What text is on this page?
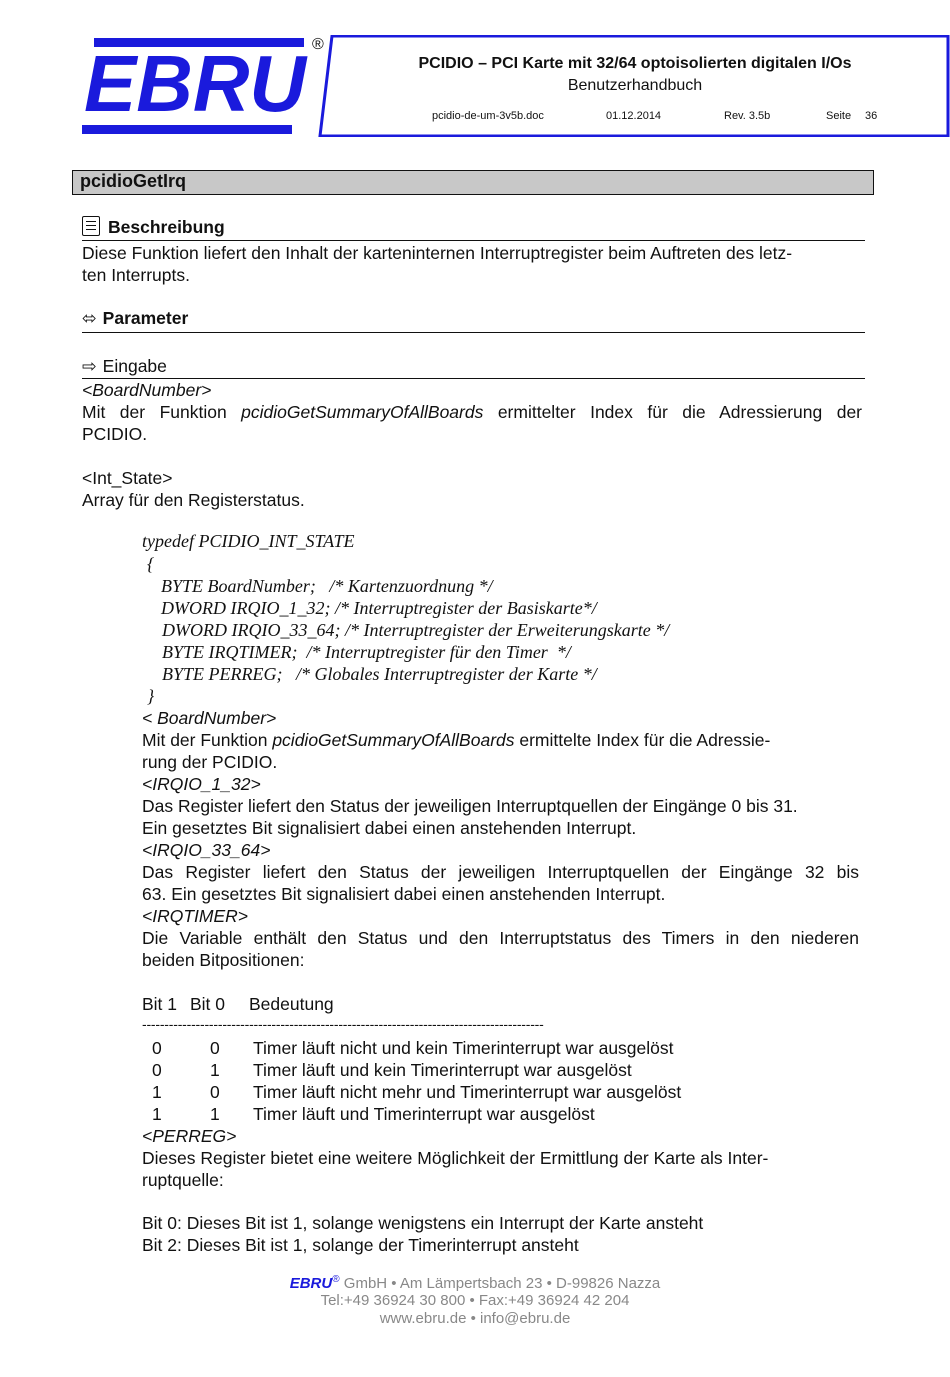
EBRU ®
PCIDIO – PCI Karte mit 32/64 optoisolierten digitalen I/Os
Benutzerhandbuch
pcidio-de-um-3v5b.doc	01.12.2014	Rev. 3.5b	Seite 36
pcidioGetIrq
Beschreibung
Diese Funktion liefert den Inhalt der karteninternen Interruptregister beim Auftreten des letz-
ten Interrupts.
⬄ Parameter
⇨ Eingabe
<BoardNumber>
Mit der Funktion pcidioGetSummaryOfAllBoards ermittelter Index für die Adressierung der
PCIDIO.
<Int_State>
Array für den Registerstatus.
typedef PCIDIO_INT_STATE
{
BYTE BoardNumber;   /* Kartenzuordnung */
DWORD IRQIO_1_32; /* Interruptregister der Basiskarte*/
DWORD IRQIO_33_64; /* Interruptregister der Erweiterungskarte */
BYTE IRQTIMER;  /* Interruptregister für den Timer  */
BYTE PERREG;   /* Globales Interruptregister der Karte */
}
< BoardNumber>
Mit der Funktion pcidioGetSummaryOfAllBoards ermittelte Index für die Adressie-
rung der PCIDIO.
<IRQIO_1_32>
Das Register liefert den Status der jeweiligen Interruptquellen der Eingänge 0 bis 31.
Ein gesetztes Bit signalisiert dabei einen anstehenden Interrupt.
<IRQIO_33_64>
Das Register liefert den Status der jeweiligen Interruptquellen der Eingänge 32 bis
63. Ein gesetztes Bit signalisiert dabei einen anstehenden Interrupt.
<IRQTIMER>
Die Variable enthält den Status und den Interruptstatus des Timers in den niederen
beiden Bitpositionen:
Bit 1 Bit 0 Bedeutung
------------------------------------------------------------------------------------------
0	0 Timer läuft nicht und kein Timerinterrupt war ausgelöst
0	1 Timer läuft und kein Timerinterrupt war ausgelöst
1	0 Timer läuft nicht mehr und Timerinterrupt war ausgelöst
1	1 Timer läuft und Timerinterrupt war ausgelöst
<PERREG>
Dieses Register bietet eine weitere Möglichkeit der Ermittlung der Karte als Inter-
ruptquelle:
Bit 0: Dieses Bit ist 1, solange wenigstens ein Interrupt der Karte ansteht
Bit 2: Dieses Bit ist 1, solange der Timerinterrupt ansteht
EBRU® GmbH • Am Lämpertsbach 23 • D-99826 Nazza
Tel:+49 36924 30 800 • Fax:+49 36924 42 204
www.ebru.de • info@ebru.de
